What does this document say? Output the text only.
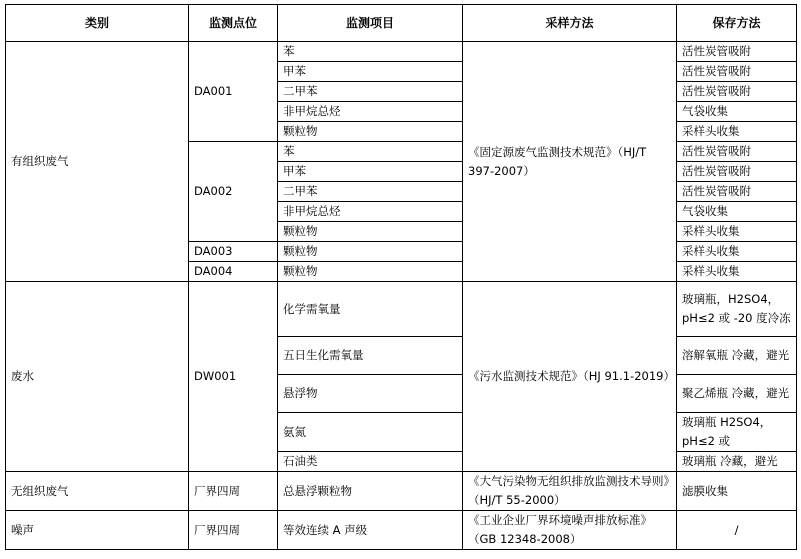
类别	监测点位	监测项目	采样方法	保存方法
有组织废气	DA001	苯	《固定源废气监测技术规范》（HJ/T 397-2007）	活性炭管吸附
		甲苯		活性炭管吸附
		二甲苯		活性炭管吸附
		非甲烷总烃		气袋收集
		颗粒物		采样头收集
	DA002	苯		活性炭管吸附
		甲苯		活性炭管吸附
		二甲苯		活性炭管吸附
		非甲烷总烃		气袋收集
		颗粒物		采样头收集
	DA003	颗粒物		采样头收集
	DA004	颗粒物		采样头收集
废水	DW001	化学需氧量	《污水监测技术规范》（HJ 91.1-2019）	玻璃瓶，H2SO4，pH≤2 或 -20 度冷冻
		五日生化需氧量		溶解氧瓶 冷藏，避光
		悬浮物		聚乙烯瓶 冷藏，避光
		氨氮		玻璃瓶 H2SO4，pH≤2 或
		石油类		玻璃瓶 冷藏，避光
无组织废气	厂界四周	总悬浮颗粒物	《大气污染物无组织排放监测技术导则》（HJ/T 55-2000）	滤膜收集
噪声	厂界四周	等效连续 A 声级	《工业企业厂界环境噪声排放标准》（GB 12348-2008）	/
